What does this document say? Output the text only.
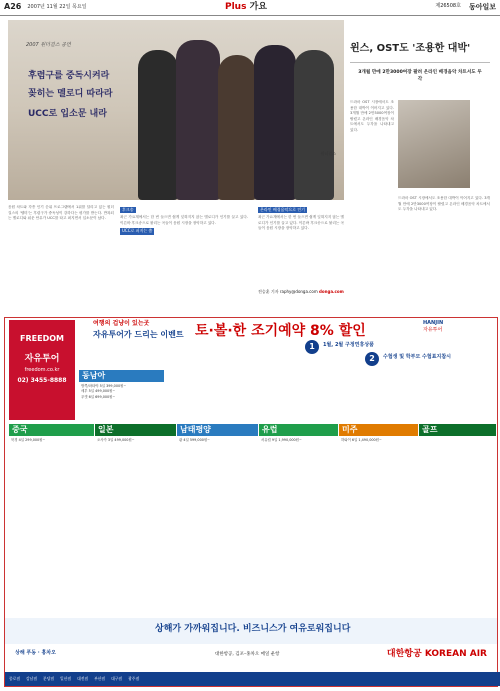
A26 2007년 11월 22일 목요일	Plus 가요	제26508호 동아일보
2007 원더걸스 공연
후렴구를 중독시켜라
꽂히는 멜로디 따라라
UCC로 입소문 내라
원더걸스
윈스, OST도 '조용한 대박'
3개월 만에 2만3000여장 팔려 온라인 배경음악 차트서도 두각
음원 차트와 각종 인기 순위 프로그램에서 1위를 달리고 있는 원더걸스의 '텔미'는 후렴구가 중독성이 강하다는 평가를 받는다. 반복되는 멜로디와 쉬운 안무가 UCC를 타고 퍼지면서 입소문이 났다.
후크송
최근 가요계에서는 한 번 들으면 쉽게 잊혀지지 않는 멜로디가 인기를 끌고 있다. 이른바 후크송으로 불리는 곡들이 음원 시장을 장악하고 있다.
UCC로 퍼지는 춤
온라인 배경음악으로 인기
최근 가요계에서는 한 번 들으면 쉽게 잊혀지지 않는 멜로디가 인기를 끌고 있다. 이른바 후크송으로 불리는 곡들이 음원 시장을 장악하고 있다.
전승훈 기자 raphy@donga.com donga.com
드라마 OST 시장에서도 조용한 대박이 이어지고 있다. 3개월 만에 2만3000여장이 팔렸고 온라인 배경음악 차트에서도 두각을 나타내고 있다.
드라마 OST 시장에서도 조용한 대박이 이어지고 있다. 3개월 만에 2만3000여장이 팔렸고 온라인 배경음악 차트에서도 두각을 나타내고 있다.
FREEDOM
자유투어
freedom.co.kr
02) 3455-8888
여행의 겁냥이 있는곳
자유투어가 드리는 이벤트 토·볼·한 조기예약 8% 할인
1	1월, 2월 구정연휴상품
2	수험생 및 학부모 수험표지참시
HANJIN
자유투어
동남아
방콕/파타야 5일 399,000원~
세부 5일 499,000원~
푸켓 6일 699,000원~
중국
북경 4일 299,000원~
일본
오사카 3일 499,000원~
남태평양
괌 4일 599,000원~
유럽
서유럽 9일 1,990,000원~
미주
하와이 6일 1,490,000원~
골프
상해가 가까워집니다. 비즈니스가 여유로워집니다
상해 푸동 · 홍차오	대한항공, 김포–홍차오 매일 운항	대한항공 KOREAN AIR
종로점 강남점 분당점 일산점 대전점 부산점 대구점 광주점
